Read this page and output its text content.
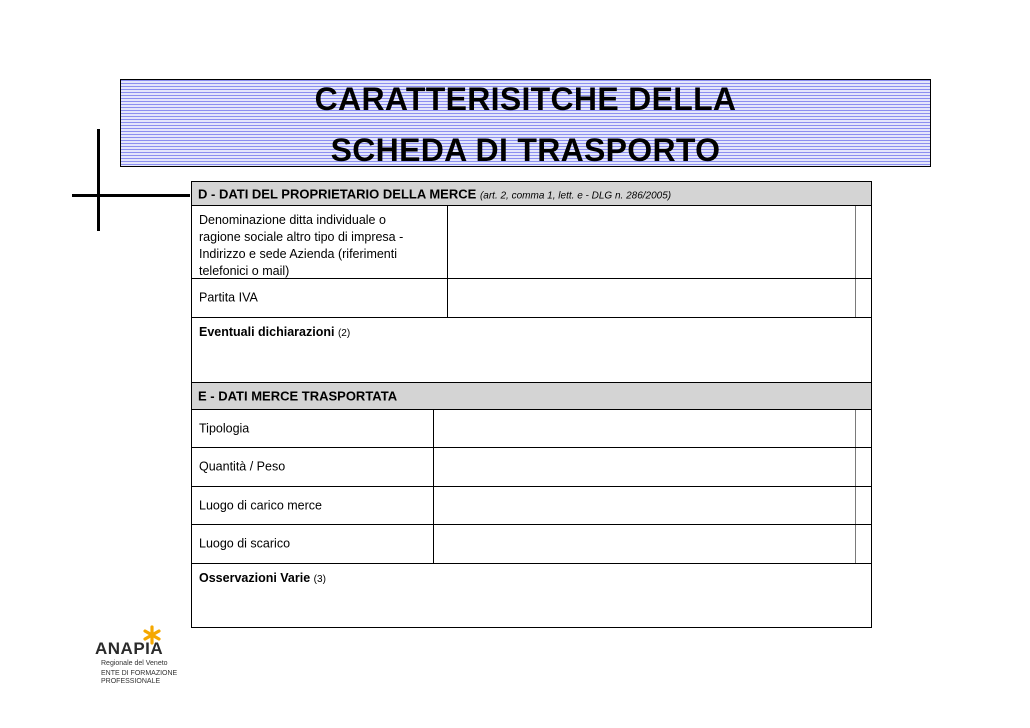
CARATTERISITCHE DELLA
SCHEDA DI TRASPORTO
D - DATI DEL PROPRIETARIO DELLA MERCE (art. 2, comma 1, lett. e - DLG n. 286/2005)
Denominazione ditta individuale o
ragione sociale altro tipo di impresa -
Indirizzo e sede Azienda (riferimenti
telefonici o mail)
Partita IVA
Eventuali dichiarazioni (2)
E - DATI MERCE TRASPORTATA
Tipologia
Quantità / Peso
Luogo di carico merce
Luogo di scarico
Osservazioni Varie (3)
ANAPIA
Regionale del Veneto
ENTE DI FORMAZIONE
PROFESSIONALE
